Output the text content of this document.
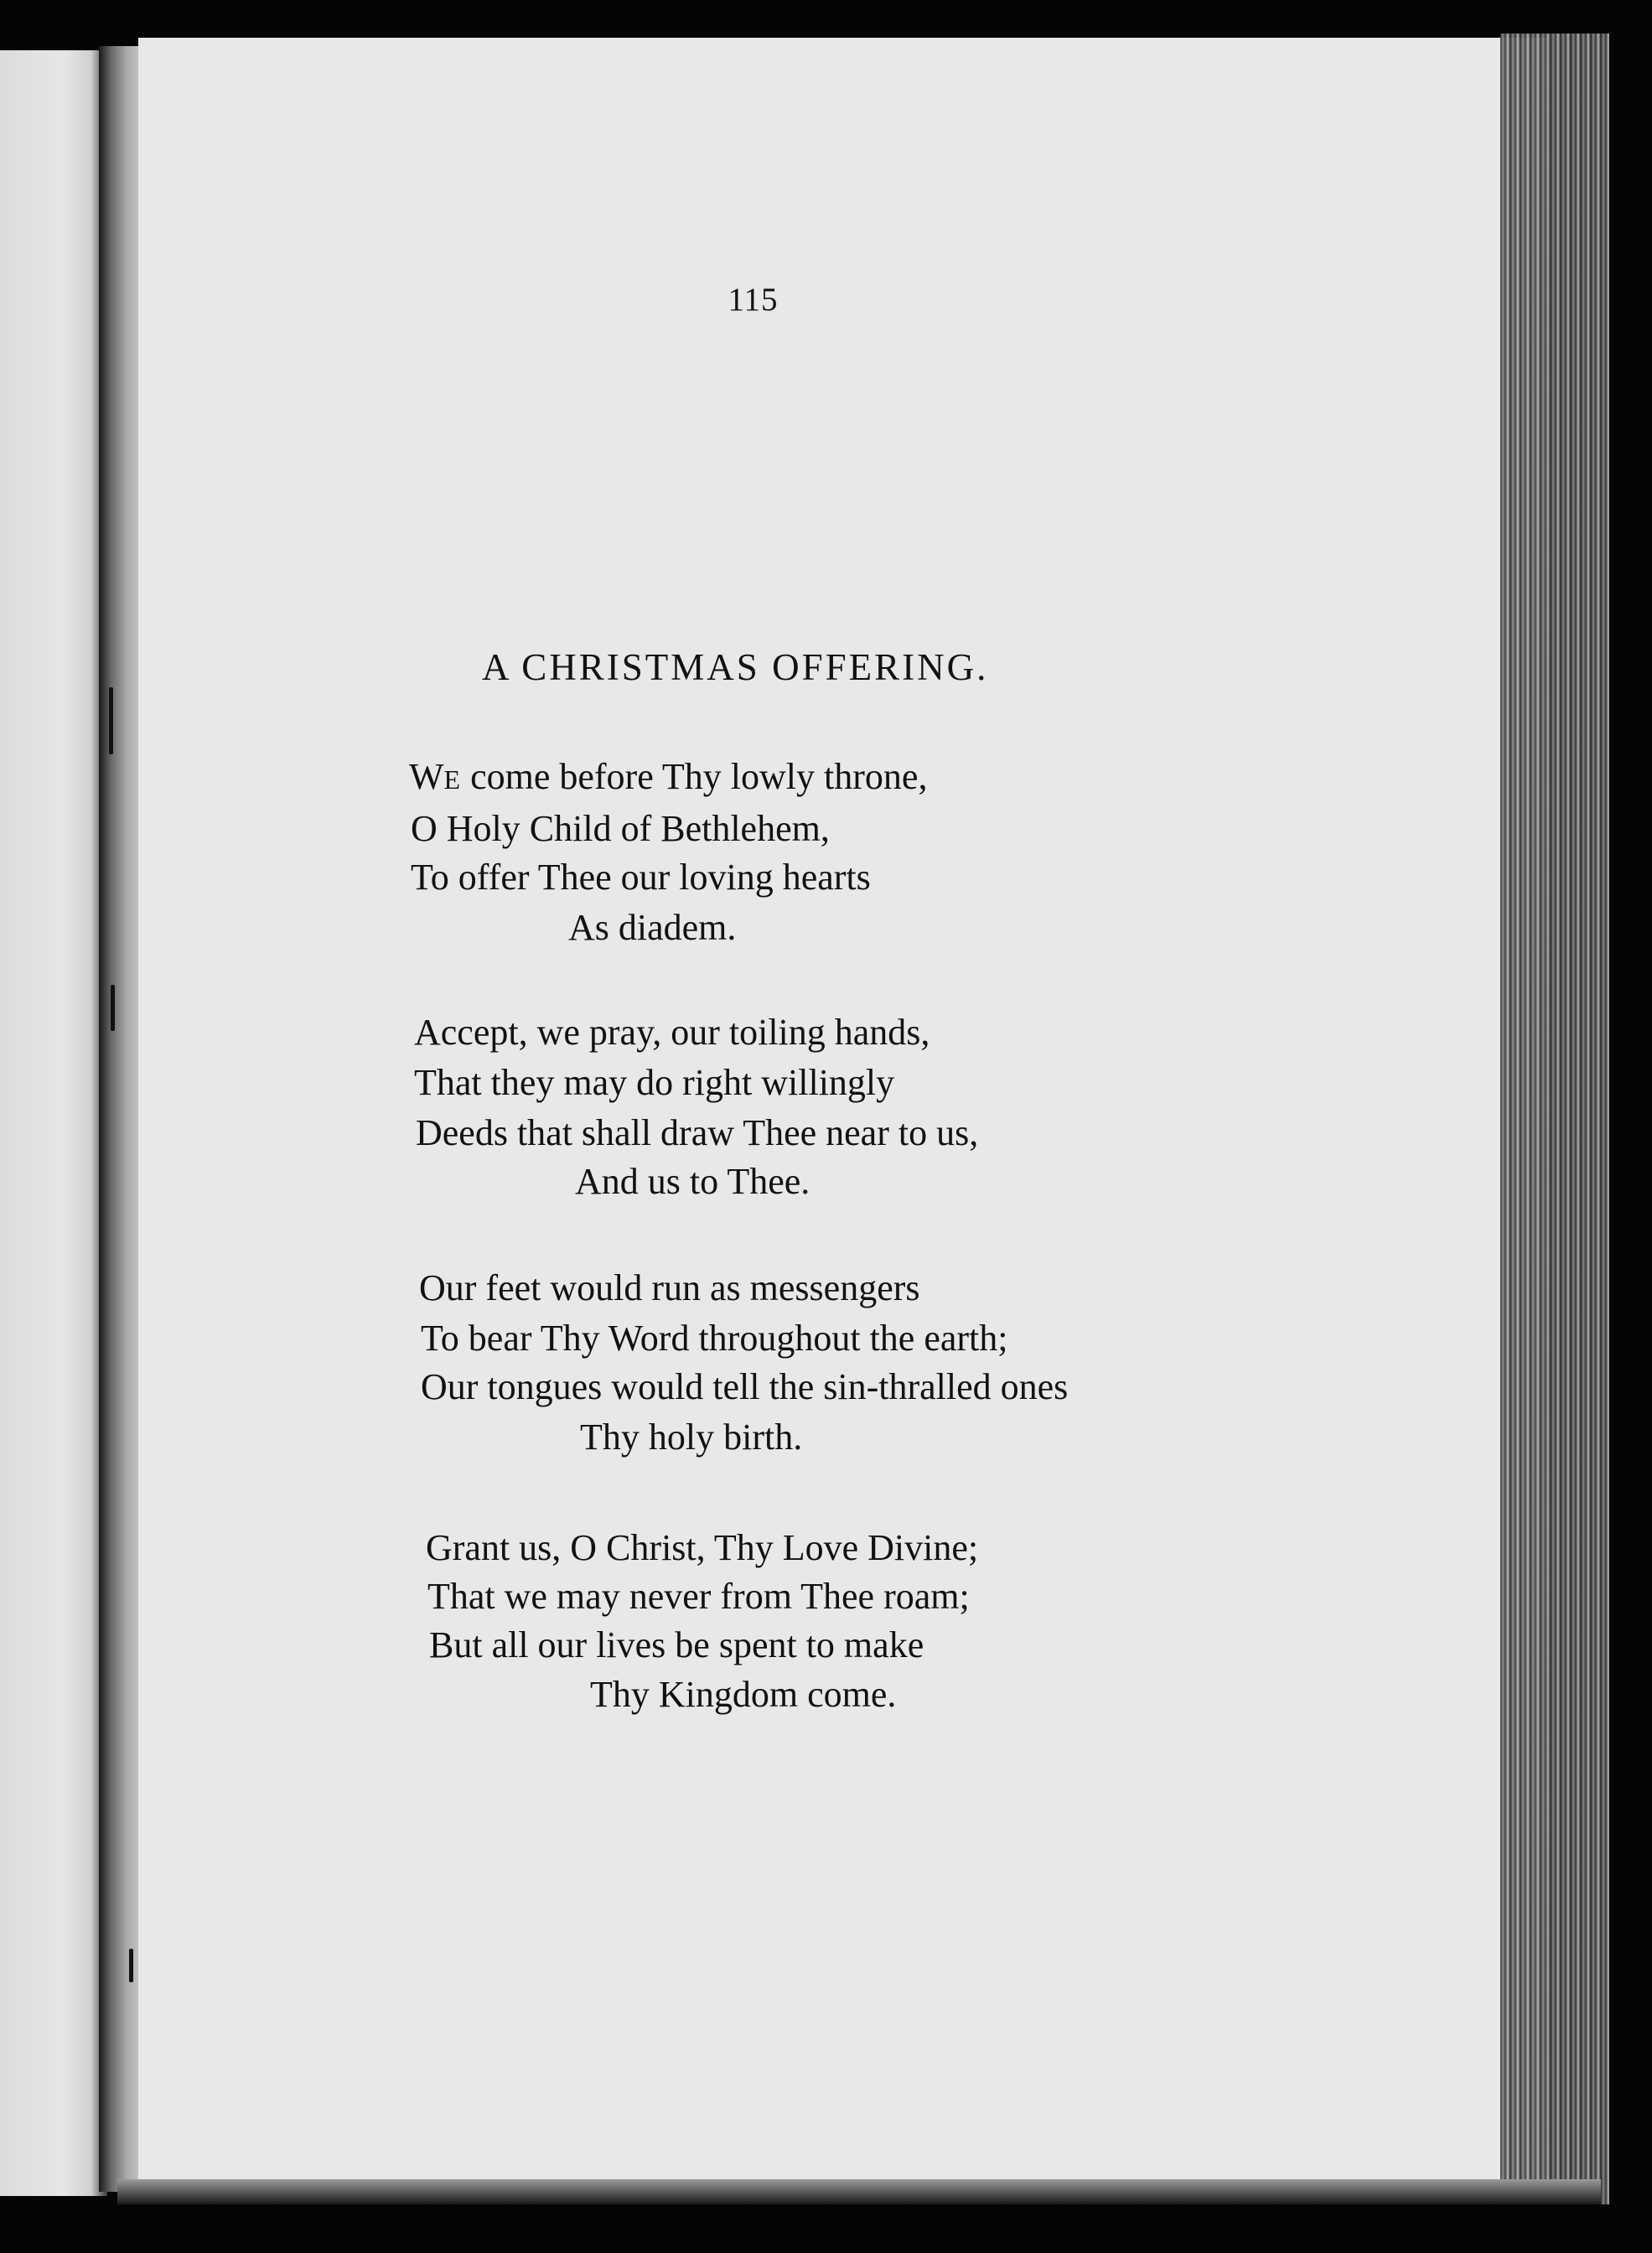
115
A CHRISTMAS OFFERING.
WE come before Thy lowly throne,
O Holy Child of Bethlehem,
To offer Thee our loving hearts
As diadem.
Accept, we pray, our toiling hands,
That they may do right willingly
Deeds that shall draw Thee near to us,
And us to Thee.
Our feet would run as messengers
To bear Thy Word throughout the earth;
Our tongues would tell the sin-thralled ones
Thy holy birth.
Grant us, O Christ, Thy Love Divine;
That we may never from Thee roam;
But all our lives be spent to make
Thy Kingdom come.
